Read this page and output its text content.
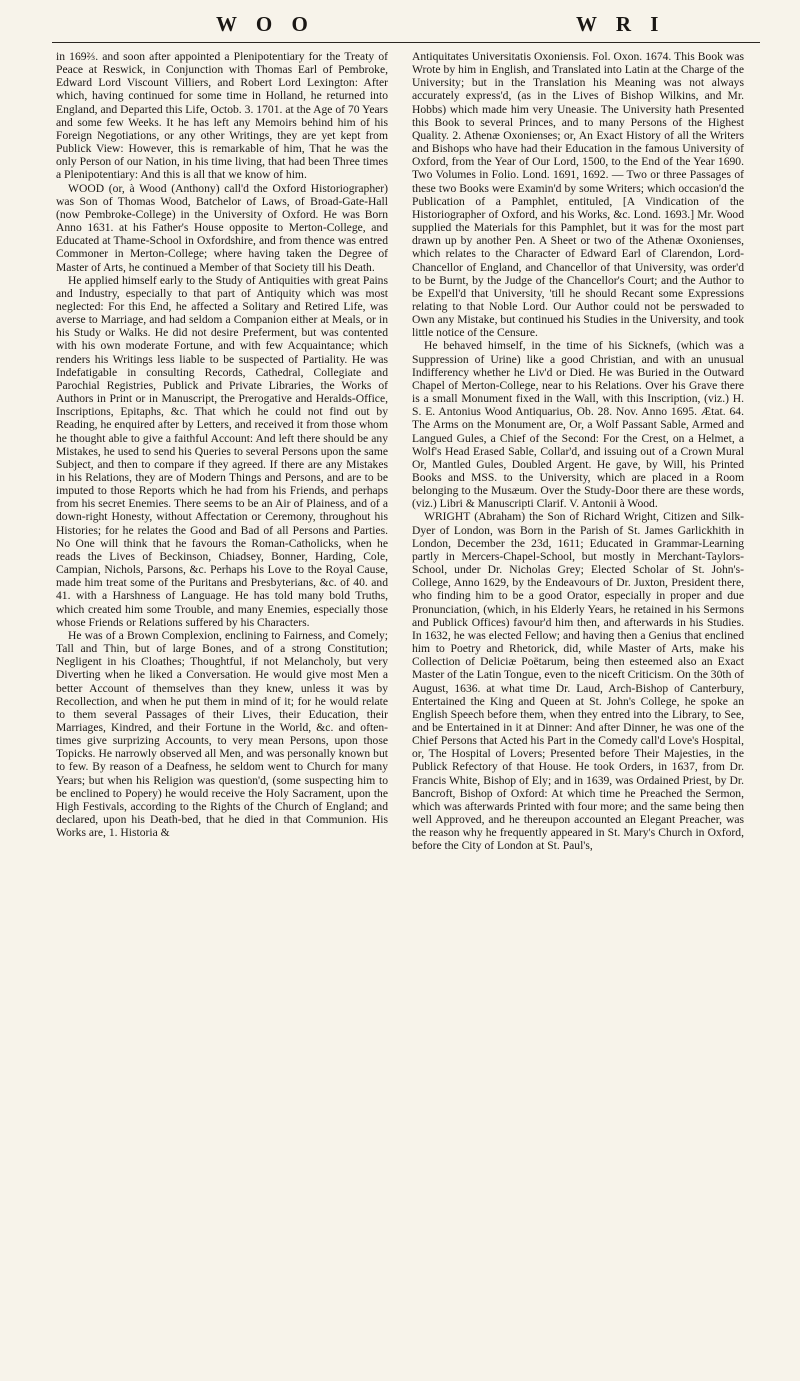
W O O	W R I

in 169⅔. and soon after appointed a Plenipotentiary for the Treaty of Peace at Reswick, in Conjunction with Thomas Earl of Pembroke, Edward Lord Viscount Villiers, and Robert Lord Lexington: After which, having continued for some time in Holland, he returned into England, and Departed this Life, Octob. 3. 1701. at the Age of 70 Years and some few Weeks. It he has left any Memoirs behind him of his Foreign Negotiations, or any other Writings, they are yet kept from Publick View: However, this is remarkable of him, That he was the only Person of our Nation, in his time living, that had been Three times a Plenipotentiary: And this is all that we know of him.

WOOD (or, à Wood (Anthony) call'd the Oxford Historiographer) was Son of Thomas Wood, Batchelor of Laws, of Broad-Gate-Hall (now Pembroke-College) in the University of Oxford. He was Born Anno 1631. at his Father's House opposite to Merton-College, and Educated at Thame-School in Oxfordshire, and from thence was entred Commoner in Merton-College; where having taken the Degree of Master of Arts, he continued a Member of that Society till his Death.

He applied himself early to the Study of Antiquities with great Pains and Industry, especially to that part of Antiquity which was most neglected: For this End, he affected a Solitary and Retired Life, was averse to Marriage, and had seldom a Companion either at Meals, or in his Study or Walks. He did not desire Preferment, but was contented with his own moderate Fortune, and with few Acquaintance; which renders his Writings less liable to be suspected of Partiality. He was Indefatigable in consulting Records, Cathedral, Collegiate and Parochial Registries, Publick and Private Libraries, the Works of Authors in Print or in Manuscript, the Prerogative and Heralds-Office, Inscriptions, Epitaphs, &c. That which he could not find out by Reading, he enquired after by Letters, and received it from those whom he thought able to give a faithful Account: And left there should be any Mistakes, he used to send his Queries to several Persons upon the same Subject, and then to compare if they agreed. If there are any Mistakes in his Relations, they are of Modern Things and Persons, and are to be imputed to those Reports which he had from his Friends, and perhaps from his secret Enemies. There seems to be an Air of Plainess, and of a down-right Honesty, without Affectation or Ceremony, throughout his Histories; for he relates the Good and Bad of all Persons and Parties. No One will think that he favours the Roman-Catholicks, when he reads the Lives of Beckinson, Chiadsey, Bonner, Harding, Cole, Campian, Nichols, Parsons, &c. Perhaps his Love to the Royal Cause, made him treat some of the Puritans and Presbyterians, &c. of 40. and 41. with a Harshness of Language. He has told many bold Truths, which created him some Trouble, and many Enemies, especially those whose Friends or Relations suffered by his Characters.

He was of a Brown Complexion, enclining to Fairness, and Comely; Tall and Thin, but of large Bones, and of a strong Constitution; Negligent in his Cloathes; Thoughtful, if not Melancholy, but very Diverting when he liked a Conversation. He would give most Men a better Account of themselves than they knew, unless it was by Recollection, and when he put them in mind of it; for he would relate to them several Passages of their Lives, their Education, their Marriages, Kindred, and their Fortune in the World, &c. and often-times give surprizing Accounts, to very mean Persons, upon those Topicks. He narrowly observed all Men, and was personally known but to few. By reason of a Deafness, he seldom went to Church for many Years; but when his Religion was question'd, (some suspecting him to be enclined to Popery) he would receive the Holy Sacrament, upon the High Festivals, according to the Rights of the Church of England; and declared, upon his Death-bed, that he died in that Communion. His Works are, 1. Historia &

Antiquitates Universitatis Oxoniensis. Fol. Oxon. 1674. This Book was Wrote by him in English, and Translated into Latin at the Charge of the University; but in the Translation his Meaning was not always accurately express'd, (as in the Lives of Bishop Wilkins, and Mr. Hobbs) which made him very Uneasie. The University hath Presented this Book to several Princes, and to many Persons of the Highest Quality. 2. Athenæ Oxonienses; or, An Exact History of all the Writers and Bishops who have had their Education in the famous University of Oxford, from the Year of Our Lord, 1500, to the End of the Year 1690. Two Volumes in Folio. Lond. 1691, 1692. — Two or three Passages of these two Books were Examin'd by some Writers; which occasion'd the Publication of a Pamphlet, entituled, [A Vindication of the Historiographer of Oxford, and his Works, &c. Lond. 1693.] Mr. Wood supplied the Materials for this Pamphlet, but it was for the most part drawn up by another Pen. A Sheet or two of the Athenæ Oxonienses, which relates to the Character of Edward Earl of Clarendon, Lord-Chancellor of England, and Chancellor of that University, was order'd to be Burnt, by the Judge of the Chancellor's Court; and the Author to be Expell'd that University, 'till he should Recant some Expressions relating to that Noble Lord. Our Author could not be perswaded to Own any Mistake, but continued his Studies in the University, and took little notice of the Censure.

He behaved himself, in the time of his Sicknefs, (which was a Suppression of Urine) like a good Christian, and with an unusual Indifferency whether he Liv'd or Died. He was Buried in the Outward Chapel of Merton-College, near to his Relations. Over his Grave there is a small Monument fixed in the Wall, with this Inscription, (viz.) H. S. E. Antonius Wood Antiquarius, Ob. 28. Nov. Anno 1695. Ætat. 64. The Arms on the Monument are, Or, a Wolf Passant Sable, Armed and Langued Gules, a Chief of the Second: For the Crest, on a Helmet, a Wolf's Head Erased Sable, Collar'd, and issuing out of a Crown Mural Or, Mantled Gules, Doubled Argent. He gave, by Will, his Printed Books and MSS. to the University, which are placed in a Room belonging to the Musæum. Over the Study-Door there are these words, (viz.) Libri & Manuscripti Clarif. V. Antonii à Wood.

WRIGHT (Abraham) the Son of Richard Wright, Citizen and Silk-Dyer of London, was Born in the Parish of St. James Garlickhith in London, December the 23d, 1611; Educated in Grammar-Learning partly in Mercers-Chapel-School, but mostly in Merchant-Taylors-School, under Dr. Nicholas Grey; Elected Scholar of St. John's-College, Anno 1629, by the Endeavours of Dr. Juxton, President there, who finding him to be a good Orator, especially in proper and due Pronunciation, (which, in his Elderly Years, he retained in his Sermons and Publick Offices) favour'd him then, and afterwards in his Studies. In 1632, he was elected Fellow; and having then a Genius that enclined him to Poetry and Rhetorick, did, while Master of Arts, make his Collection of Deliciæ Poëtarum, being then esteemed also an Exact Master of the Latin Tongue, even to the niceft Criticism. On the 30th of August, 1636. at what time Dr. Laud, Arch-Bishop of Canterbury, Entertained the King and Queen at St. John's College, he spoke an English Speech before them, when they entred into the Library, to See, and be Entertained in it at Dinner: And after Dinner, he was one of the Chief Persons that Acted his Part in the Comedy call'd Love's Hospital, or, The Hospital of Lovers; Presented before Their Majesties, in the Publick Refectory of that House. He took Orders, in 1637, from Dr. Francis White, Bishop of Ely; and in 1639, was Ordained Priest, by Dr. Bancroft, Bishop of Oxford: At which time he Preached the Sermon, which was afterwards Printed with four more; and the same being then well Approved, and he thereupon accounted an Elegant Preacher, was the reason why he frequently appeared in St. Mary's Church in Oxford, before the City of London at St. Paul's,
